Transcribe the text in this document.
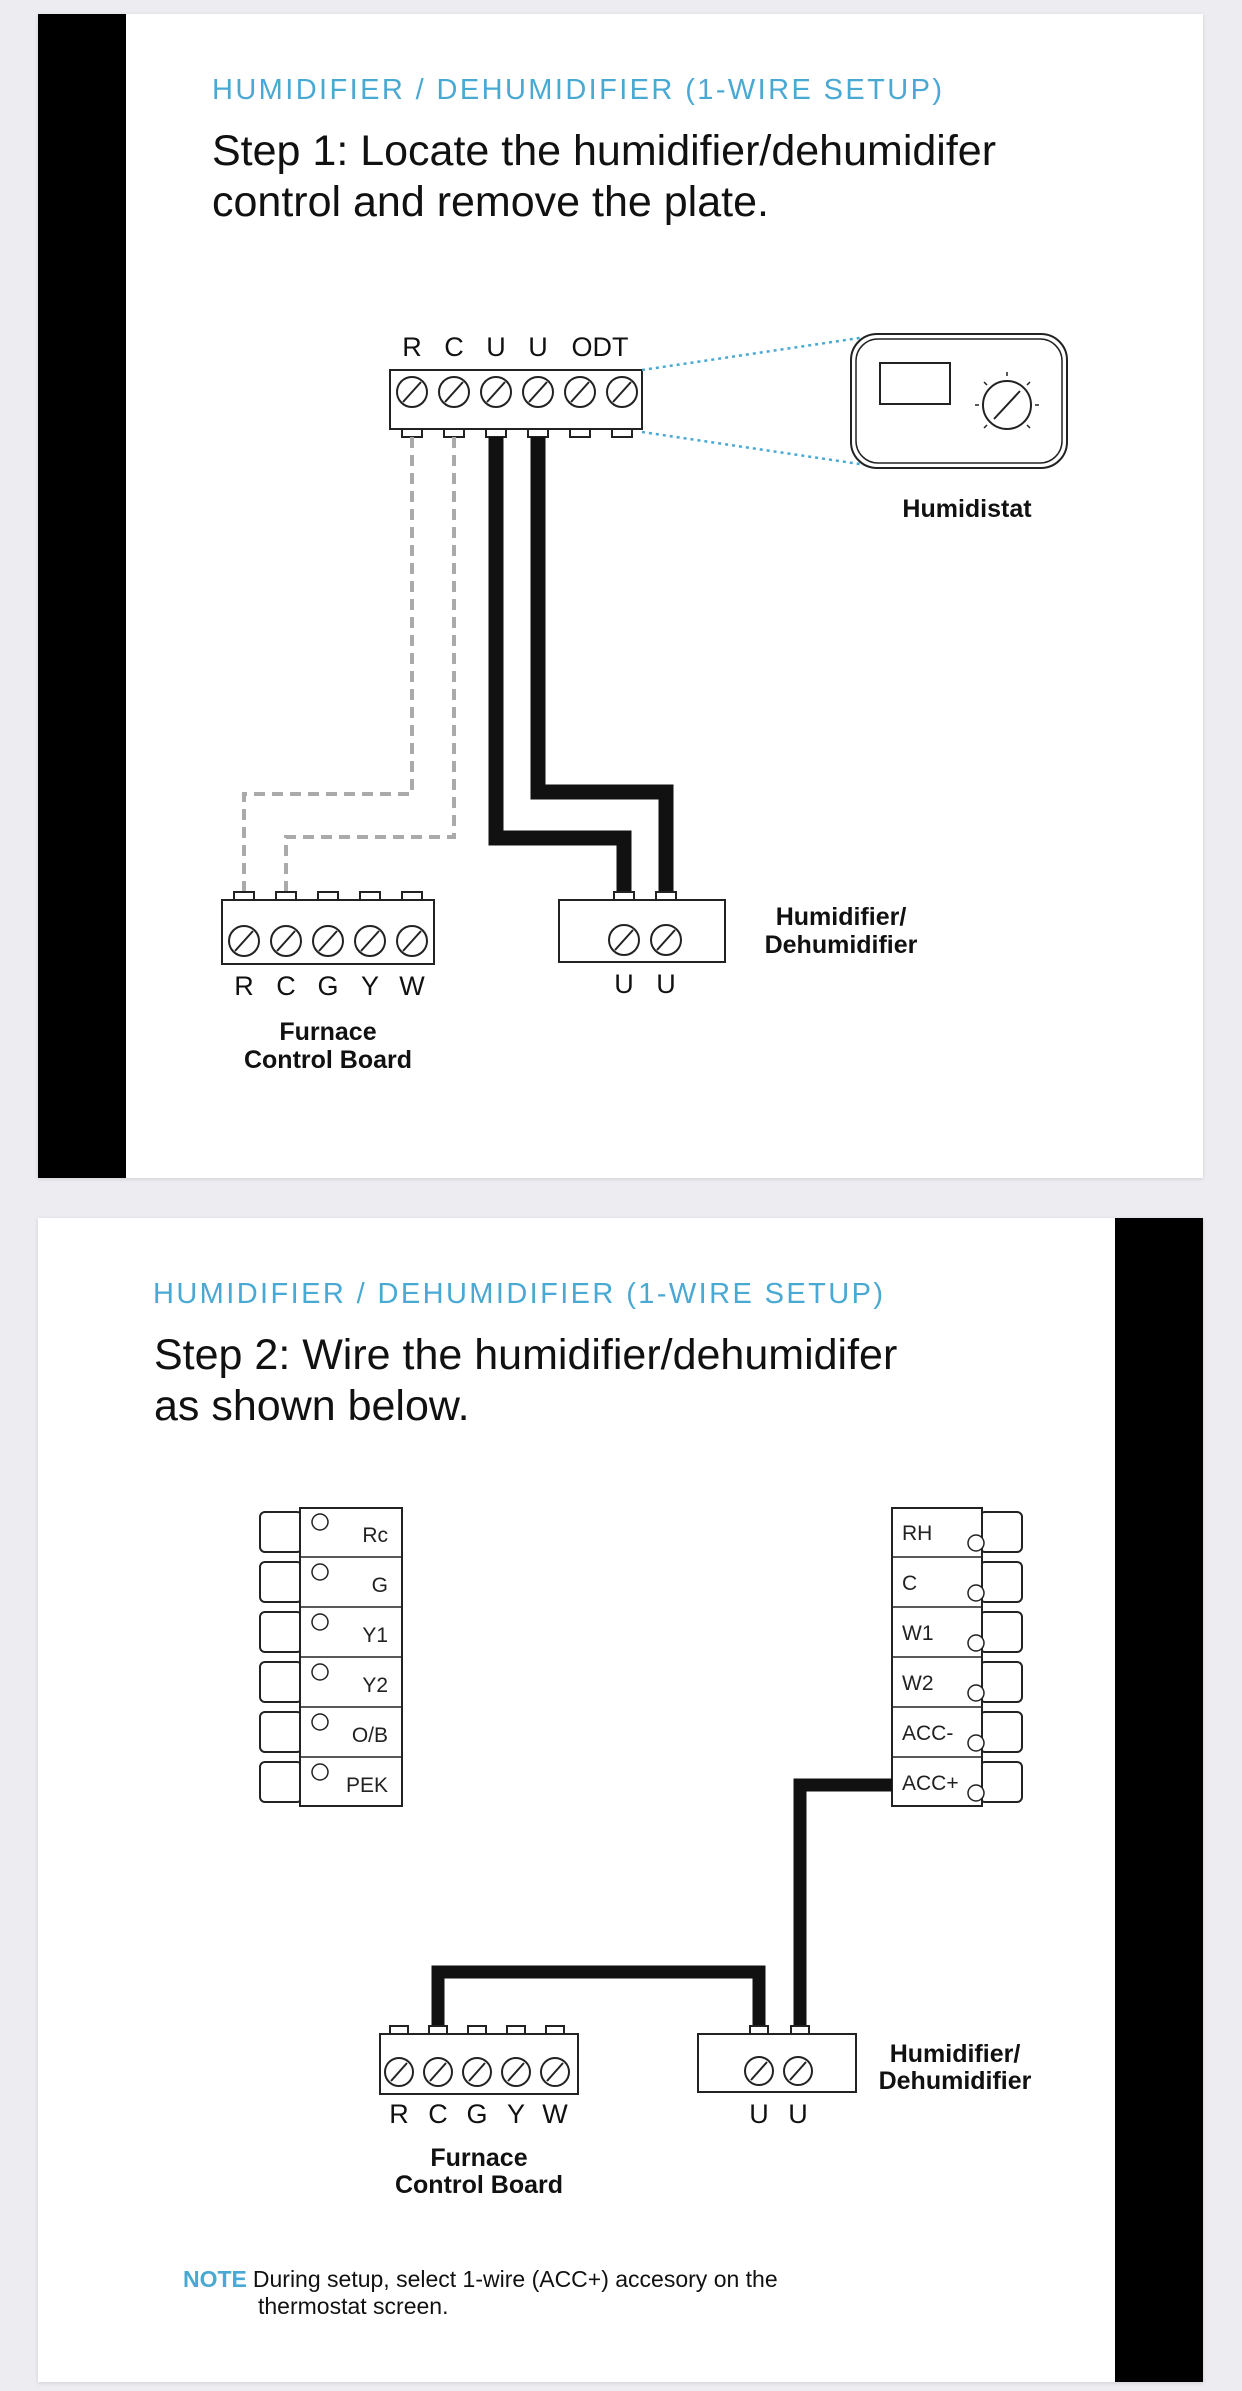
HUMIDIFIER / DEHUMIDIFIER (1-WIRE SETUP)
Step 1: Locate the humidifier/dehumidifer
control and remove the plate.
R C U U ODT
Humidistat
R C G Y W
Furnace
Control Board
U U
Humidifier/
Dehumidifier
HUMIDIFIER / DEHUMIDIFIER (1-WIRE SETUP)
Step 2: Wire the humidifier/dehumidifer
as shown below.
Rc
G
Y1
Y2
O/B
PEK
RH
C
W1
W2
ACC-
ACC+
R C G Y W
Furnace
Control Board
U U
Humidifier/
Dehumidifier
NOTE During setup, select 1-wire (ACC+) accesory on the
thermostat screen.
